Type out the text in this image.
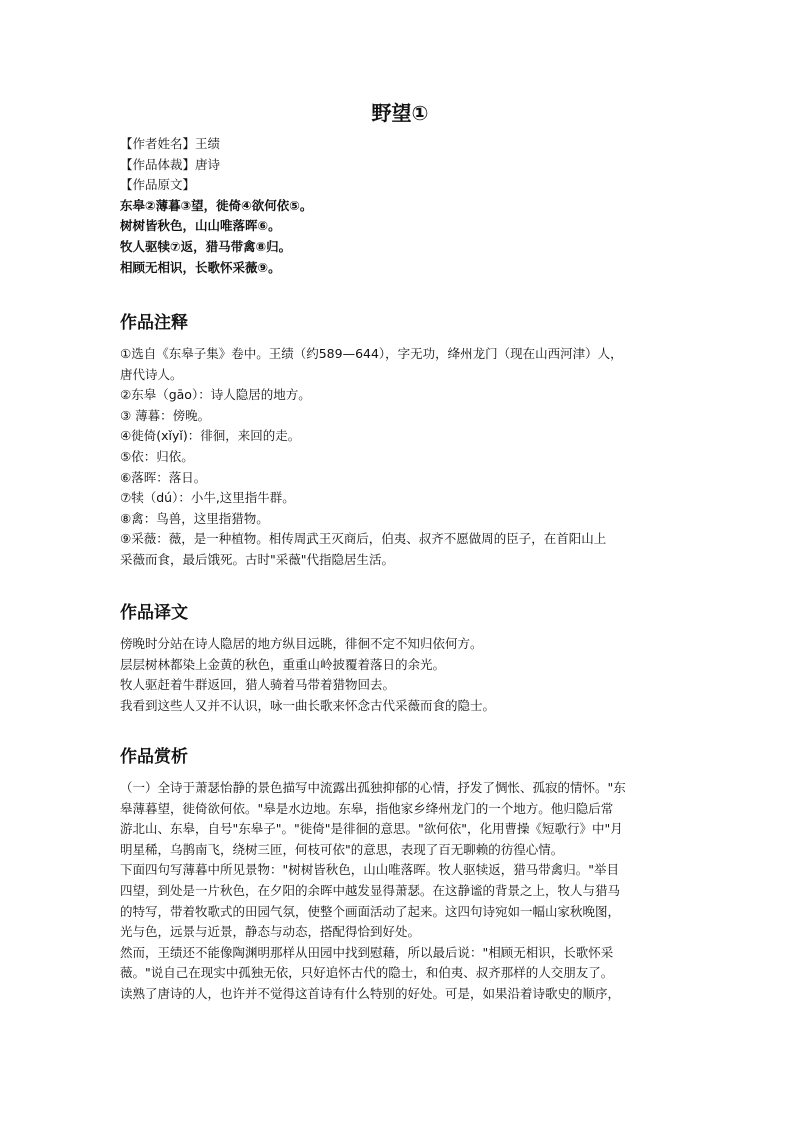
野望①

【作者姓名】王绩

【作品体裁】唐诗

【作品原文】

东皋②薄暮③望，徙倚④欲何依⑤。

树树皆秋色，山山唯落晖⑥。

牧人驱犊⑦返，猎马带禽⑧归。

相顾无相识，长歌怀采薇⑨。

作品注释

①选自《东皋子集》卷中。王绩（约589—644），字无功，绛州龙门（现在山西河津）人，

唐代诗人。

②东皋（gāo）：诗人隐居的地方。

③ 薄暮：傍晚。

④徙倚(xǐyǐ)：徘徊，来回的走。

⑤依：归依。

⑥落晖：落日。

⑦犊（dú）：小牛,这里指牛群。

⑧禽：鸟兽，这里指猎物。

⑨采薇：薇，是一种植物。相传周武王灭商后，伯夷、叔齐不愿做周的臣子，在首阳山上

采薇而食，最后饿死。古时"采薇"代指隐居生活。

作品译文

傍晚时分站在诗人隐居的地方纵目远眺，徘徊不定不知归依何方。

层层树林都染上金黄的秋色，重重山岭披覆着落日的余光。

牧人驱赶着牛群返回，猎人骑着马带着猎物回去。

我看到这些人又并不认识，咏一曲长歌来怀念古代采薇而食的隐士。

作品赏析

（一）全诗于萧瑟怡静的景色描写中流露出孤独抑郁的心情，抒发了惆怅、孤寂的情怀。"东

皋薄暮望，徙倚欲何依。"皋是水边地。东皋，指他家乡绛州龙门的一个地方。他归隐后常

游北山、东皋，自号"东皋子"。"徙倚"是徘徊的意思。"欲何依"，化用曹操《短歌行》中"月

明星稀，乌鹊南飞，绕树三匝，何枝可依"的意思，表现了百无聊赖的彷徨心情。

下面四句写薄暮中所见景物："树树皆秋色，山山唯落晖。牧人驱犊返，猎马带禽归。"举目

四望，到处是一片秋色，在夕阳的余晖中越发显得萧瑟。在这静谧的背景之上，牧人与猎马

的特写，带着牧歌式的田园气氛，使整个画面活动了起来。这四句诗宛如一幅山家秋晚图，

光与色，远景与近景，静态与动态，搭配得恰到好处。

然而，王绩还不能像陶渊明那样从田园中找到慰藉，所以最后说："相顾无相识，长歌怀采

薇。"说自己在现实中孤独无依，只好追怀古代的隐士，和伯夷、叔齐那样的人交朋友了。

读熟了唐诗的人，也许并不觉得这首诗有什么特别的好处。可是，如果沿着诗歌史的顺序，
